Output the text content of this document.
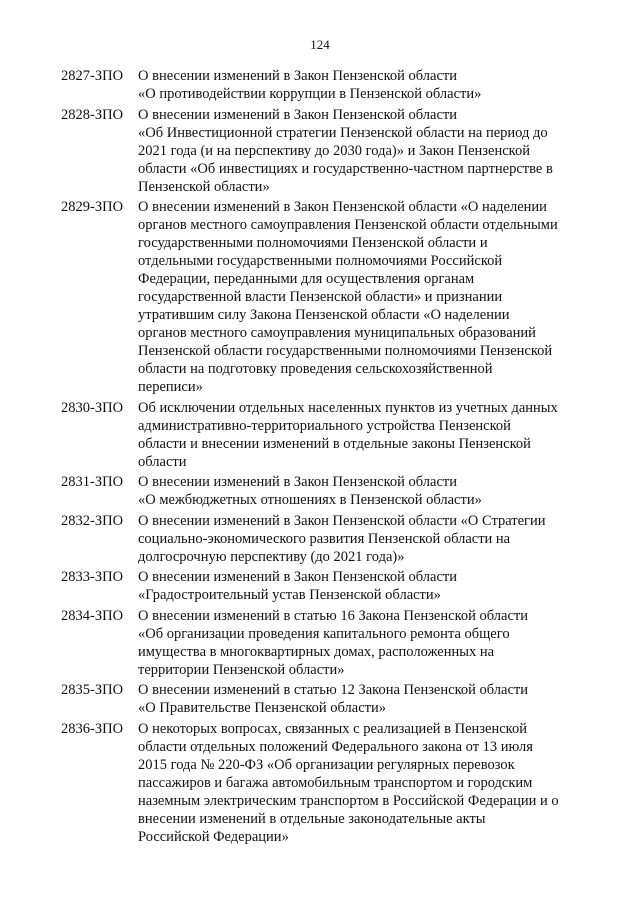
124
2827-ЗПО	О внесении изменений в Закон Пензенской области
«О противодействии коррупции в Пензенской области»
2828-ЗПО	О внесении изменений в Закон Пензенской области
«Об Инвестиционной стратегии Пензенской области на период до
2021 года (и на перспективу до 2030 года)» и Закон Пензенской
области «Об инвестициях и государственно-частном партнерстве в
Пензенской области»
2829-ЗПО	О внесении изменений в Закон Пензенской области «О наделении
органов местного самоуправления Пензенской области отдельными
государственными полномочиями Пензенской области и
отдельными государственными полномочиями Российской
Федерации, переданными для осуществления органам
государственной власти Пензенской области» и признании
утратившим силу Закона Пензенской области «О наделении
органов местного самоуправления муниципальных образований
Пензенской области государственными полномочиями Пензенской
области на подготовку проведения сельскохозяйственной
переписи»
2830-ЗПО	Об исключении отдельных населенных пунктов из учетных данных
административно-территориального устройства Пензенской
области и внесении изменений в отдельные законы Пензенской
области
2831-ЗПО	О внесении изменений в Закон Пензенской области
«О межбюджетных отношениях в Пензенской области»
2832-ЗПО	О внесении изменений в Закон Пензенской области «О Стратегии
социально-экономического развития Пензенской области на
долгосрочную перспективу (до 2021 года)»
2833-ЗПО	О внесении изменений в Закон Пензенской области
«Градостроительный устав Пензенской области»
2834-ЗПО	О внесении изменений в статью 16 Закона Пензенской области
«Об организации проведения капитального ремонта общего
имущества в многоквартирных домах, расположенных на
территории Пензенской области»
2835-ЗПО	О внесении изменений в статью 12 Закона Пензенской области
«О Правительстве Пензенской области»
2836-ЗПО	О некоторых вопросах, связанных с реализацией в Пензенской
области отдельных положений Федерального закона от 13 июля
2015 года № 220-ФЗ «Об организации регулярных перевозок
пассажиров и багажа автомобильным транспортом и городским
наземным электрическим транспортом в Российской Федерации и о
внесении изменений в отдельные законодательные акты
Российской Федерации»
